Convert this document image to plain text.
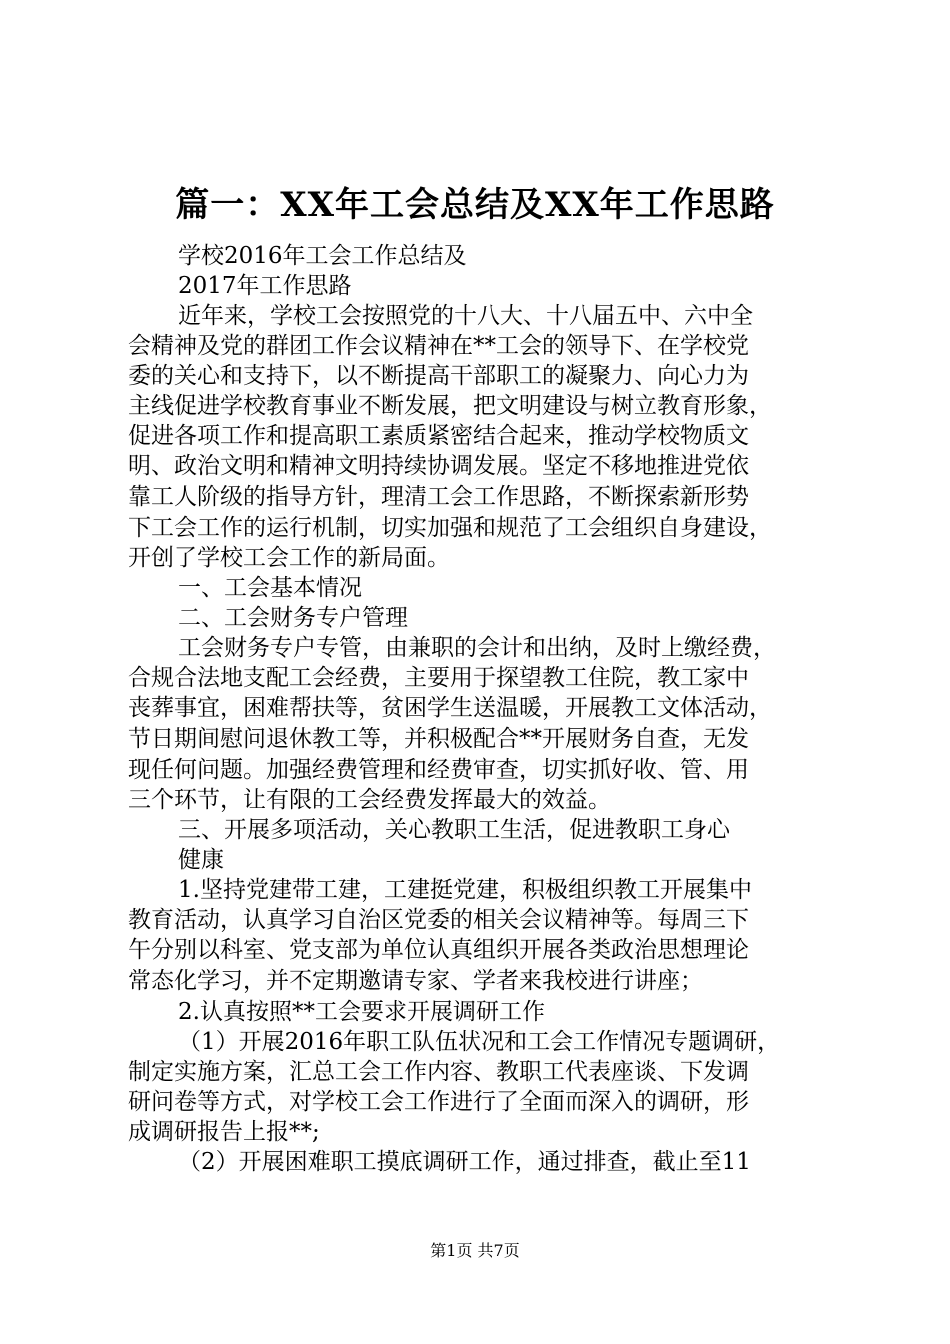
篇一：XX年工会总结及XX年工作思路
学校2016年工会工作总结及
2017年工作思路
近年来，学校工会按照党的十八大、十八届五中、六中全
会精神及党的群团工作会议精神在**工会的领导下、在学校党
委的关心和支持下，以不断提高干部职工的凝聚力、向心力为
主线促进学校教育事业不断发展，把文明建设与树立教育形象，
促进各项工作和提高职工素质紧密结合起来，推动学校物质文
明、政治文明和精神文明持续协调发展。坚定不移地推进党依
靠工人阶级的指导方针，理清工会工作思路，不断探索新形势
下工会工作的运行机制，切实加强和规范了工会组织自身建设，
开创了学校工会工作的新局面。
一、工会基本情况
二、工会财务专户管理
工会财务专户专管，由兼职的会计和出纳，及时上缴经费，
合规合法地支配工会经费，主要用于探望教工住院，教工家中
丧葬事宜，困难帮扶等，贫困学生送温暖，开展教工文体活动，
节日期间慰问退休教工等，并积极配合**开展财务自查，无发
现任何问题。加强经费管理和经费审查，切实抓好收、管、用
三个环节，让有限的工会经费发挥最大的效益。
三、开展多项活动，关心教职工生活，促进教职工身心
健康
1.坚持党建带工建，工建挺党建，积极组织教工开展集中
教育活动，认真学习自治区党委的相关会议精神等。每周三下
午分别以科室、党支部为单位认真组织开展各类政治思想理论
常态化学习，并不定期邀请专家、学者来我校进行讲座；
2.认真按照**工会要求开展调研工作
（1）开展2016年职工队伍状况和工会工作情况专题调研，
制定实施方案，汇总工会工作内容、教职工代表座谈、下发调
研问卷等方式，对学校工会工作进行了全面而深入的调研，形
成调研报告上报**;
（2）开展困难职工摸底调研工作，通过排查，截止至11
第1页 共7页
